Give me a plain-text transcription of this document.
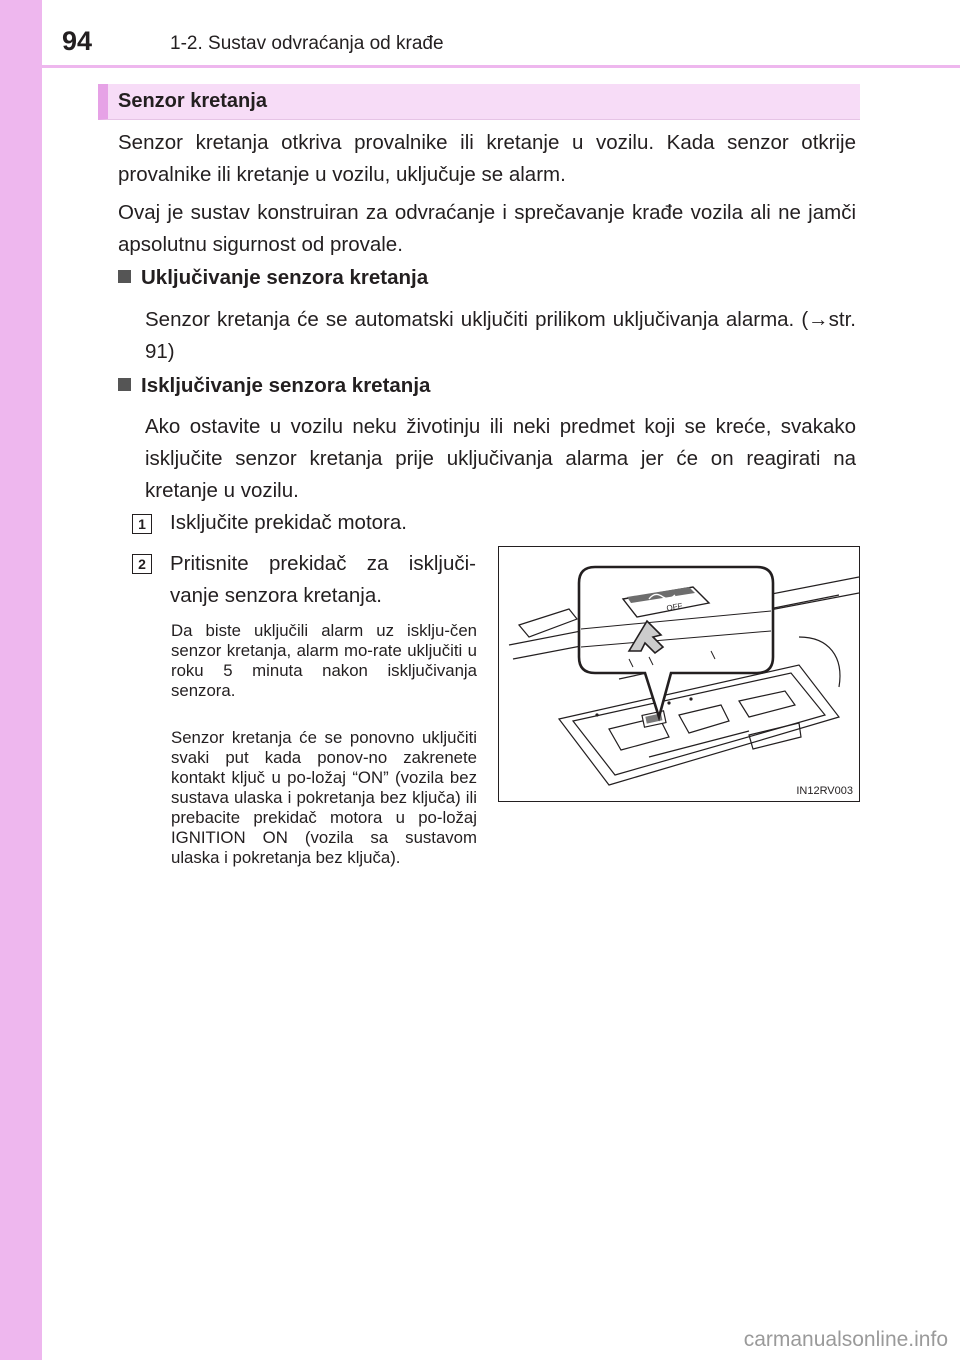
94	1-2. Sustav odvraćanja od krađe
Senzor kretanja

Senzor kretanja otkriva provalnike ili kretanje u vozilu. Kada senzor otkrije provalnike ili kretanje u vozilu, uključuje se alarm.

Ovaj je sustav konstruiran za odvraćanje i sprečavanje krađe vozila ali ne jamči apsolutnu sigurnost od provale.

Uključivanje senzora kretanja

Senzor kretanja će se automatski uključiti prilikom uključivanja alarma. (→str. 91)

Isključivanje senzora kretanja

Ako ostavite u vozilu neku životinju ili neki predmet koji se kreće, svakako isključite senzor kretanja prije uključivanja alarma jer će on reagirati na kretanje u vozilu.

1 Isključite prekidač motora.

2 Pritisnite prekidač za isključi-vanje senzora kretanja.

Da biste uključili alarm uz isklju-čen senzor kretanja, alarm mo-rate uključiti u roku 5 minuta nakon isključivanja senzora.

Senzor kretanja će se ponovno uključiti svaki put kada ponov-no zakrenete kontakt ključ u po-ložaj “ON” (vozila bez sustava ulaska i pokretanja bez ključa) ili prebacite prekidač motora u po-ložaj IGNITION ON (vozila sa sustavom ulaska i pokretanja bez ključa).

OFF
IN12RV003
carmanualsonline.info
